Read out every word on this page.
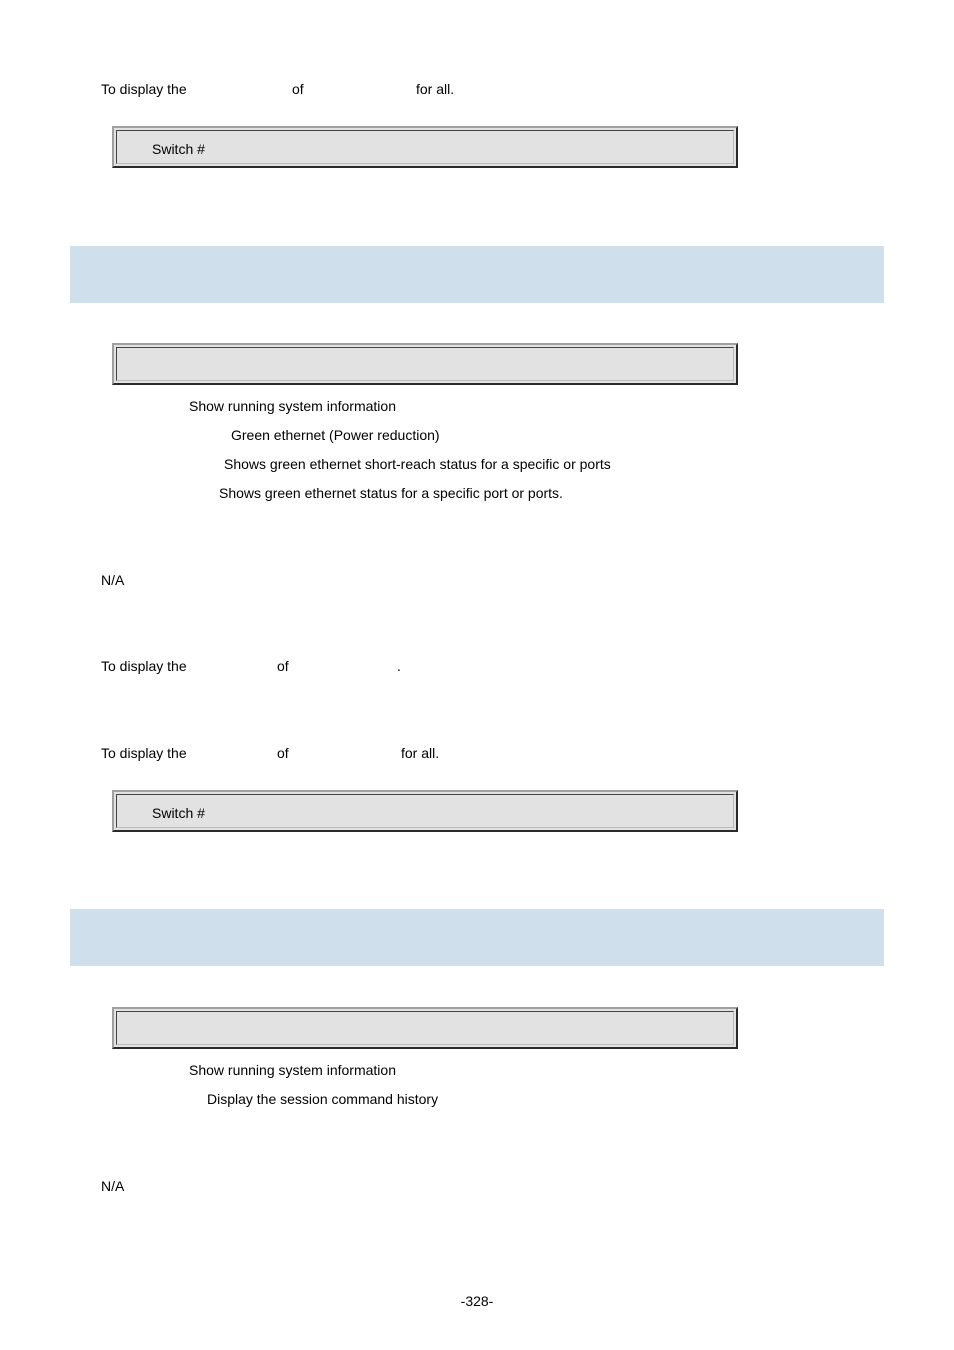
To display the	of	for all.
Switch #
Show running system information
Green ethernet (Power reduction)
Shows green ethernet short-reach status for a specific or ports
Shows green ethernet status for a specific port or ports.
N/A
To display the	of	.
To display the	of	for all.
Switch #
Show running system information
Display the session command history
N/A
-328-
